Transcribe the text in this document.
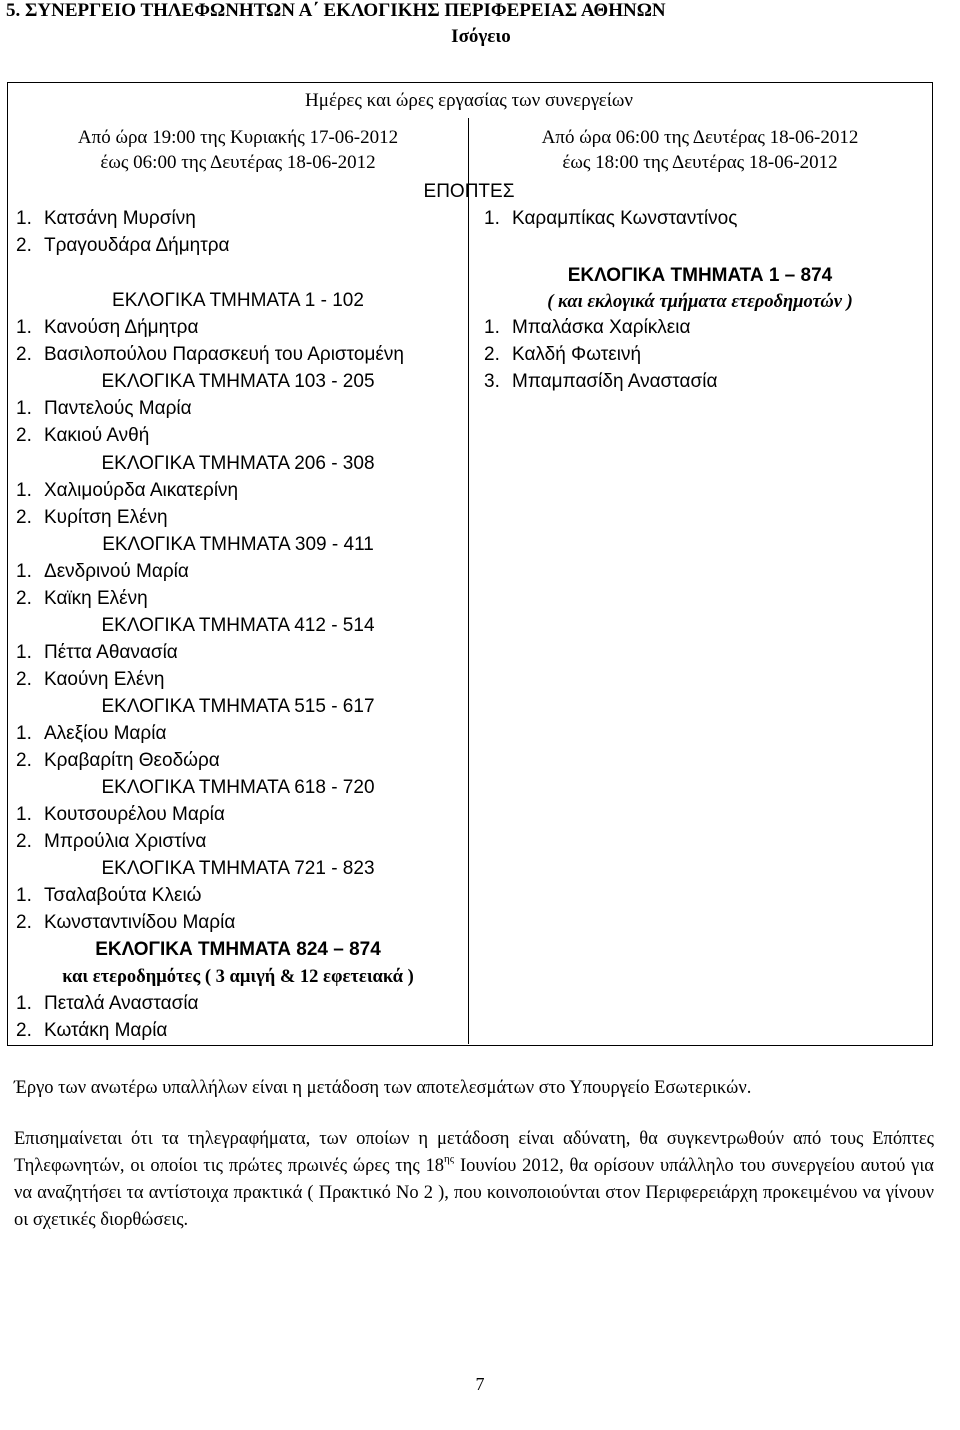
5. ΣΥΝΕΡΓΕΙΟ ΤΗΛΕΦΩΝΗΤΩΝ Α΄ ΕΚΛΟΓΙΚΗΣ ΠΕΡΙΦΕΡΕΙΑΣ ΑΘΗΝΩΝ
Ισόγειο
Ημέρες και ώρες εργασίας των συνεργείων
Από ώρα 19:00 της Κυριακής 17-06-2012
έως 06:00 της Δευτέρας 18-06-2012
Από ώρα 06:00 της Δευτέρας 18-06-2012
έως 18:00 της Δευτέρας 18-06-2012
ΕΠΟΠΤΕΣ
1. Κατσάνη Μυρσίνη
2. Τραγουδάρα Δήμητρα
1. Καραμπίκας Κωνσταντίνος
ΕΚΛΟΓΙΚΑ ΤΜΗΜΑΤΑ 1 – 874
( και εκλογικά τμήματα ετεροδημοτών )
1. Μπαλάσκα Χαρίκλεια
2. Καλδή Φωτεινή
3. Μπαμπασίδη Αναστασία
ΕΚΛΟΓΙΚΑ ΤΜΗΜΑΤΑ 1 - 102
1. Κανούση Δήμητρα
2. Βασιλοπούλου Παρασκευή του Αριστομένη
ΕΚΛΟΓΙΚΑ ΤΜΗΜΑΤΑ 103 - 205
1. Παντελούς Μαρία
2. Κακιού Ανθή
ΕΚΛΟΓΙΚΑ ΤΜΗΜΑΤΑ 206 - 308
1. Χαλιμούρδα Αικατερίνη
2. Κυρίτση Ελένη
ΕΚΛΟΓΙΚΑ ΤΜΗΜΑΤΑ 309 - 411
1. Δενδρινού Μαρία
2. Καϊκη Ελένη
ΕΚΛΟΓΙΚΑ ΤΜΗΜΑΤΑ 412 - 514
1. Πέττα Αθανασία
2. Καούνη Ελένη
ΕΚΛΟΓΙΚΑ ΤΜΗΜΑΤΑ 515 - 617
1. Αλεξίου Μαρία
2. Κραβαρίτη Θεοδώρα
ΕΚΛΟΓΙΚΑ ΤΜΗΜΑΤΑ 618 - 720
1. Κουτσουρέλου Μαρία
2. Μπρούλια Χριστίνα
ΕΚΛΟΓΙΚΑ ΤΜΗΜΑΤΑ 721 - 823
1. Τσαλαβούτα Κλειώ
2. Κωνσταντινίδου Μαρία
ΕΚΛΟΓΙΚΑ ΤΜΗΜΑΤΑ 824 – 874
και ετεροδημότες ( 3 αμιγή & 12 εφετειακά )
1. Πεταλά Αναστασία
2. Κωτάκη Μαρία
Έργο των ανωτέρω υπαλλήλων είναι η μετάδοση των αποτελεσμάτων στο Υπουργείο Εσωτερικών.
Επισημαίνεται ότι τα τηλεγραφήματα, των οποίων η μετάδοση είναι αδύνατη, θα συγκεντρωθούν από τους Επόπτες Τηλεφωνητών, οι οποίοι τις πρώτες πρωινές ώρες της $18^{\eta\varsigma}$ Ιουνίου 2012, θα ορίσουν υπάλληλο του συνεργείου αυτού για να αναζητήσει τα αντίστοιχα πρακτικά ( Πρακτικό Νο 2 ), που κοινοποιούνται στον Περιφερειάρχη προκειμένου να γίνουν οι σχετικές διορθώσεις.
7
